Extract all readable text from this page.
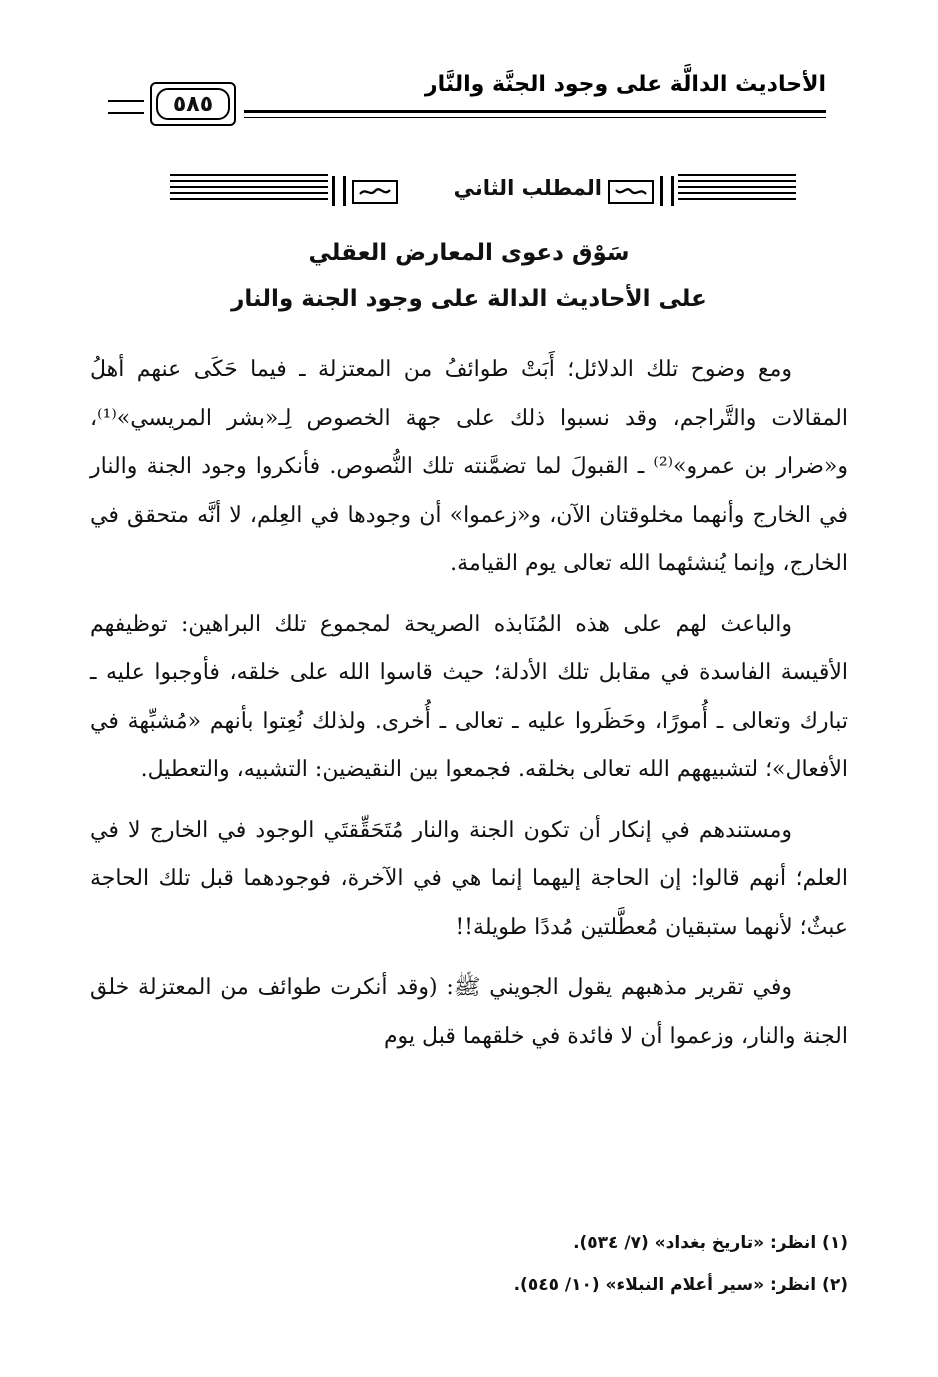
٥٨٥
الأحاديث الدالَّة على وجود الجنَّة والنَّار
المطلب الثاني
سَوْق دعوى المعارض العقلي
على الأحاديث الدالة على وجود الجنة والنار

ومع وضوح تلك الدلائل؛ أَبَتْ طوائفُ من المعتزلة ـ فيما حَكَى عنهم أهلُ المقالات والتَّراجم، وقد نسبوا ذلك على جهة الخصوص لِـ«بشر المريسي»⁽¹⁾، و«ضرار بن عمرو»⁽²⁾ ـ القبولَ لما تضمَّنته تلك النُّصوص. فأنكروا وجود الجنة والنار في الخارج وأنهما مخلوقتان الآن، و«زعموا» أن وجودها في العِلم، لا أنَّه متحقق في الخارج، وإنما يُنشئهما الله تعالى يوم القيامة.

والباعث لهم على هذه المُنَابذه الصريحة لمجموع تلك البراهين: توظيفهم الأقيسة الفاسدة في مقابل تلك الأدلة؛ حيث قاسوا الله على خلقه، فأوجبوا عليه ـ تبارك وتعالى ـ أُمورًا، وحَظَروا عليه ـ تعالى ـ أُخرى. ولذلك نُعِتوا بأنهم «مُشبِّهة في الأفعال»؛ لتشبيههم الله تعالى بخلقه. فجمعوا بين النقيضين: التشبيه، والتعطيل.

ومستندهم في إنكار أن تكون الجنة والنار مُتَحَقِّقتَي الوجود في الخارج لا في العلم؛ أنهم قالوا: إن الحاجة إليهما إنما هي في الآخرة، فوجودهما قبل تلك الحاجة عبثٌ؛ لأنهما ستبقيان مُعطَّلتين مُددًا طويلة!!

وفي تقرير مذهبهم يقول الجويني ﷺ: (وقد أنكرت طوائف من المعتزلة خلق الجنة والنار، وزعموا أن لا فائدة في خلقهما قبل يوم

(١) انظر: «تاريخ بغداد» (٧/ ٥٣٤).
(٢) انظر: «سير أعلام النبلاء» (١٠/ ٥٤٥).
